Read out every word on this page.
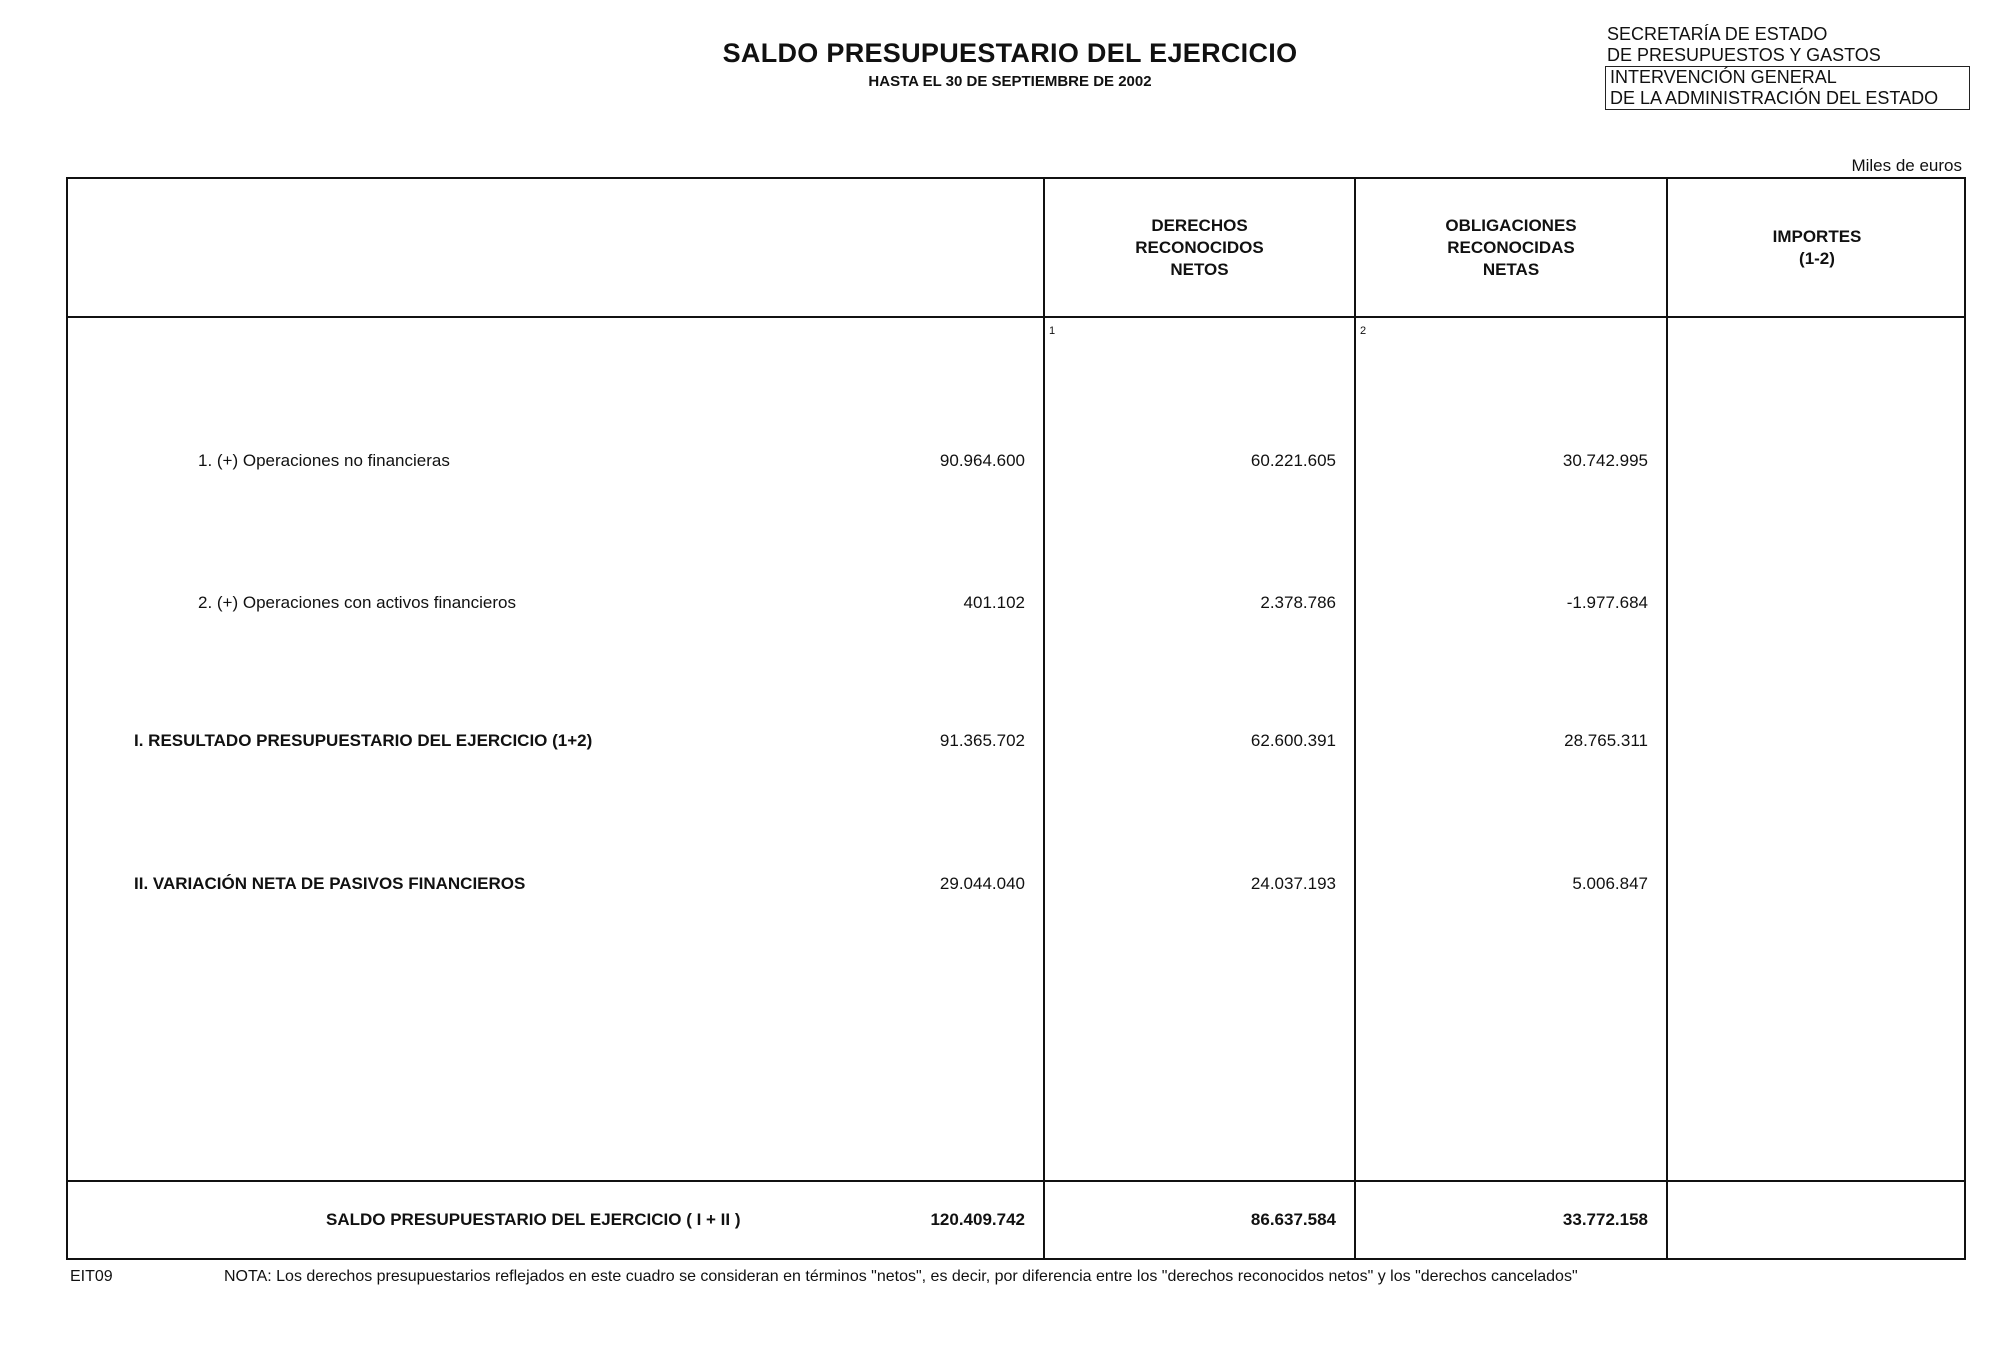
SALDO PRESUPUESTARIO DEL EJERCICIO
HASTA EL 30 DE SEPTIEMBRE DE 2002
SECRETARÍA DE ESTADO
DE PRESUPUESTOS Y GASTOS
INTERVENCIÓN GENERAL
DE LA ADMINISTRACIÓN DEL ESTADO
Miles de euros
DERECHOS
RECONOCIDOS
NETOS
OBLIGACIONES
RECONOCIDAS
NETAS
IMPORTES
(1-2)
1	2
1. (+) Operaciones no financieras	90.964.600	60.221.605	30.742.995
2. (+) Operaciones con activos financieros	401.102	2.378.786	-1.977.684
I. RESULTADO PRESUPUESTARIO DEL EJERCICIO (1+2)	91.365.702	62.600.391	28.765.311
II. VARIACIÓN NETA DE PASIVOS FINANCIEROS	29.044.040	24.037.193	5.006.847
SALDO PRESUPUESTARIO DEL EJERCICIO ( I + II )	120.409.742	86.637.584	33.772.158
EIT09	NOTA: Los derechos presupuestarios reflejados en este cuadro se consideran en términos "netos", es decir, por diferencia entre los "derechos reconocidos netos" y los "derechos cancelados"
